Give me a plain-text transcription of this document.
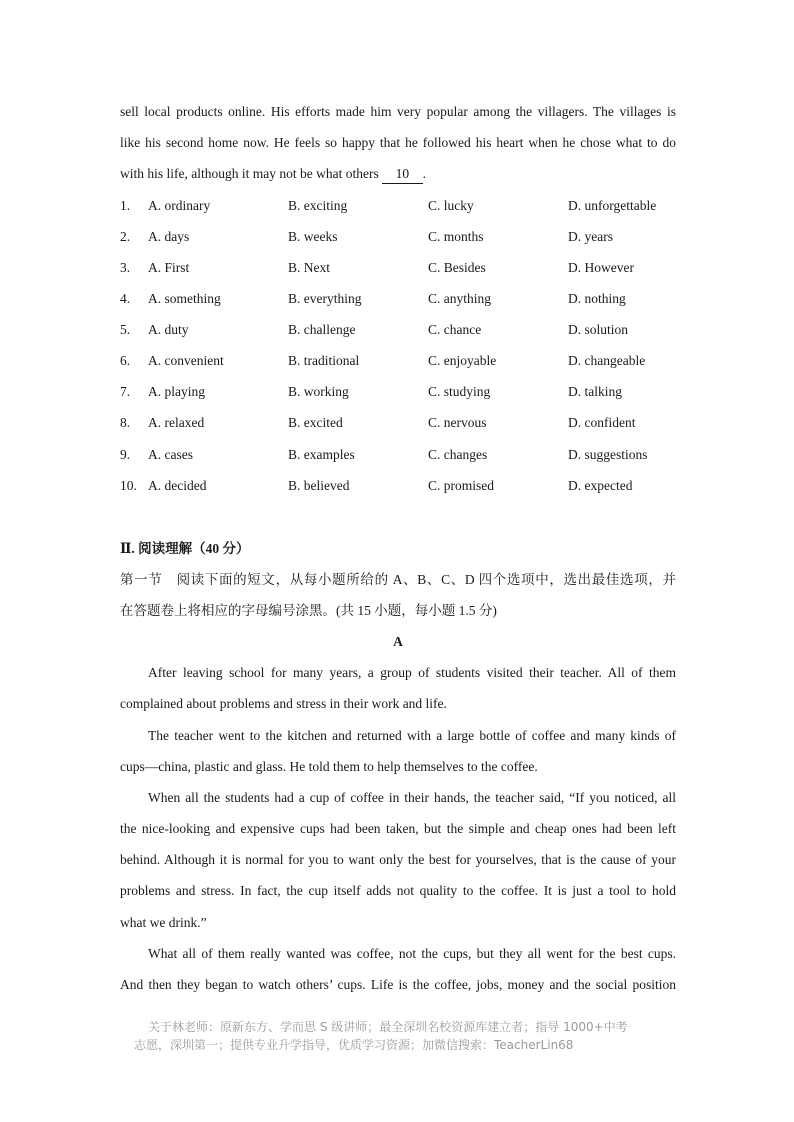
sell local products online. His efforts made him very popular among the villagers. The villages is
like his second home now. He feels so happy that he followed his heart when he chose what to do
with his life, although it may not be what others     10 .
1. A. ordinary	B. exciting	C. lucky	D. unforgettable
2. A. days	B. weeks	C. months	D. years
3. A. First	B. Next	C. Besides	D. However
4. A. something	B. everything	C. anything	D. nothing
5. A. duty	B. challenge	C. chance	D. solution
6. A. convenient	B. traditional	C. enjoyable	D. changeable
7. A. playing	B. working	C. studying	D. talking
8. A. relaxed	B. excited	C. nervous	D. confident
9. A. cases	B. examples	C. changes	D. suggestions
10. A. decided	B. believed	C. promised	D. expected
Ⅱ. 阅读理解（40 分）
第一节　阅读下面的短文，从每小题所给的 A、B、C、D 四个选项中，选出最佳选项，并
在答题卷上将相应的字母编号涂黑。(共 15 小题，每小题 1.5 分)
A
After leaving school for many years, a group of students visited their teacher. All of them
complained about problems and stress in their work and life.
The teacher went to the kitchen and returned with a large bottle of coffee and many kinds of
cups—china, plastic and glass. He told them to help themselves to the coffee.
When all the students had a cup of coffee in their hands, the teacher said, “If you noticed, all
the nice-looking and expensive cups had been taken, but the simple and cheap ones had been left
behind. Although it is normal for you to want only the best for yourselves, that is the cause of your
problems and stress. In fact, the cup itself adds not quality to the coffee. It is just a tool to hold
what we drink.”
What all of them really wanted was coffee, not the cups, but they all went for the best cups.
And then they began to watch others’ cups. Life is the coffee, jobs, money and the social position
关于林老师：原新东方、学而思 S 级讲师；最全深圳名校资源库建立者；指导 1000+中考
志愿，深圳第一；提供专业升学指导，优质学习资源；加微信搜索：TeacherLin68
